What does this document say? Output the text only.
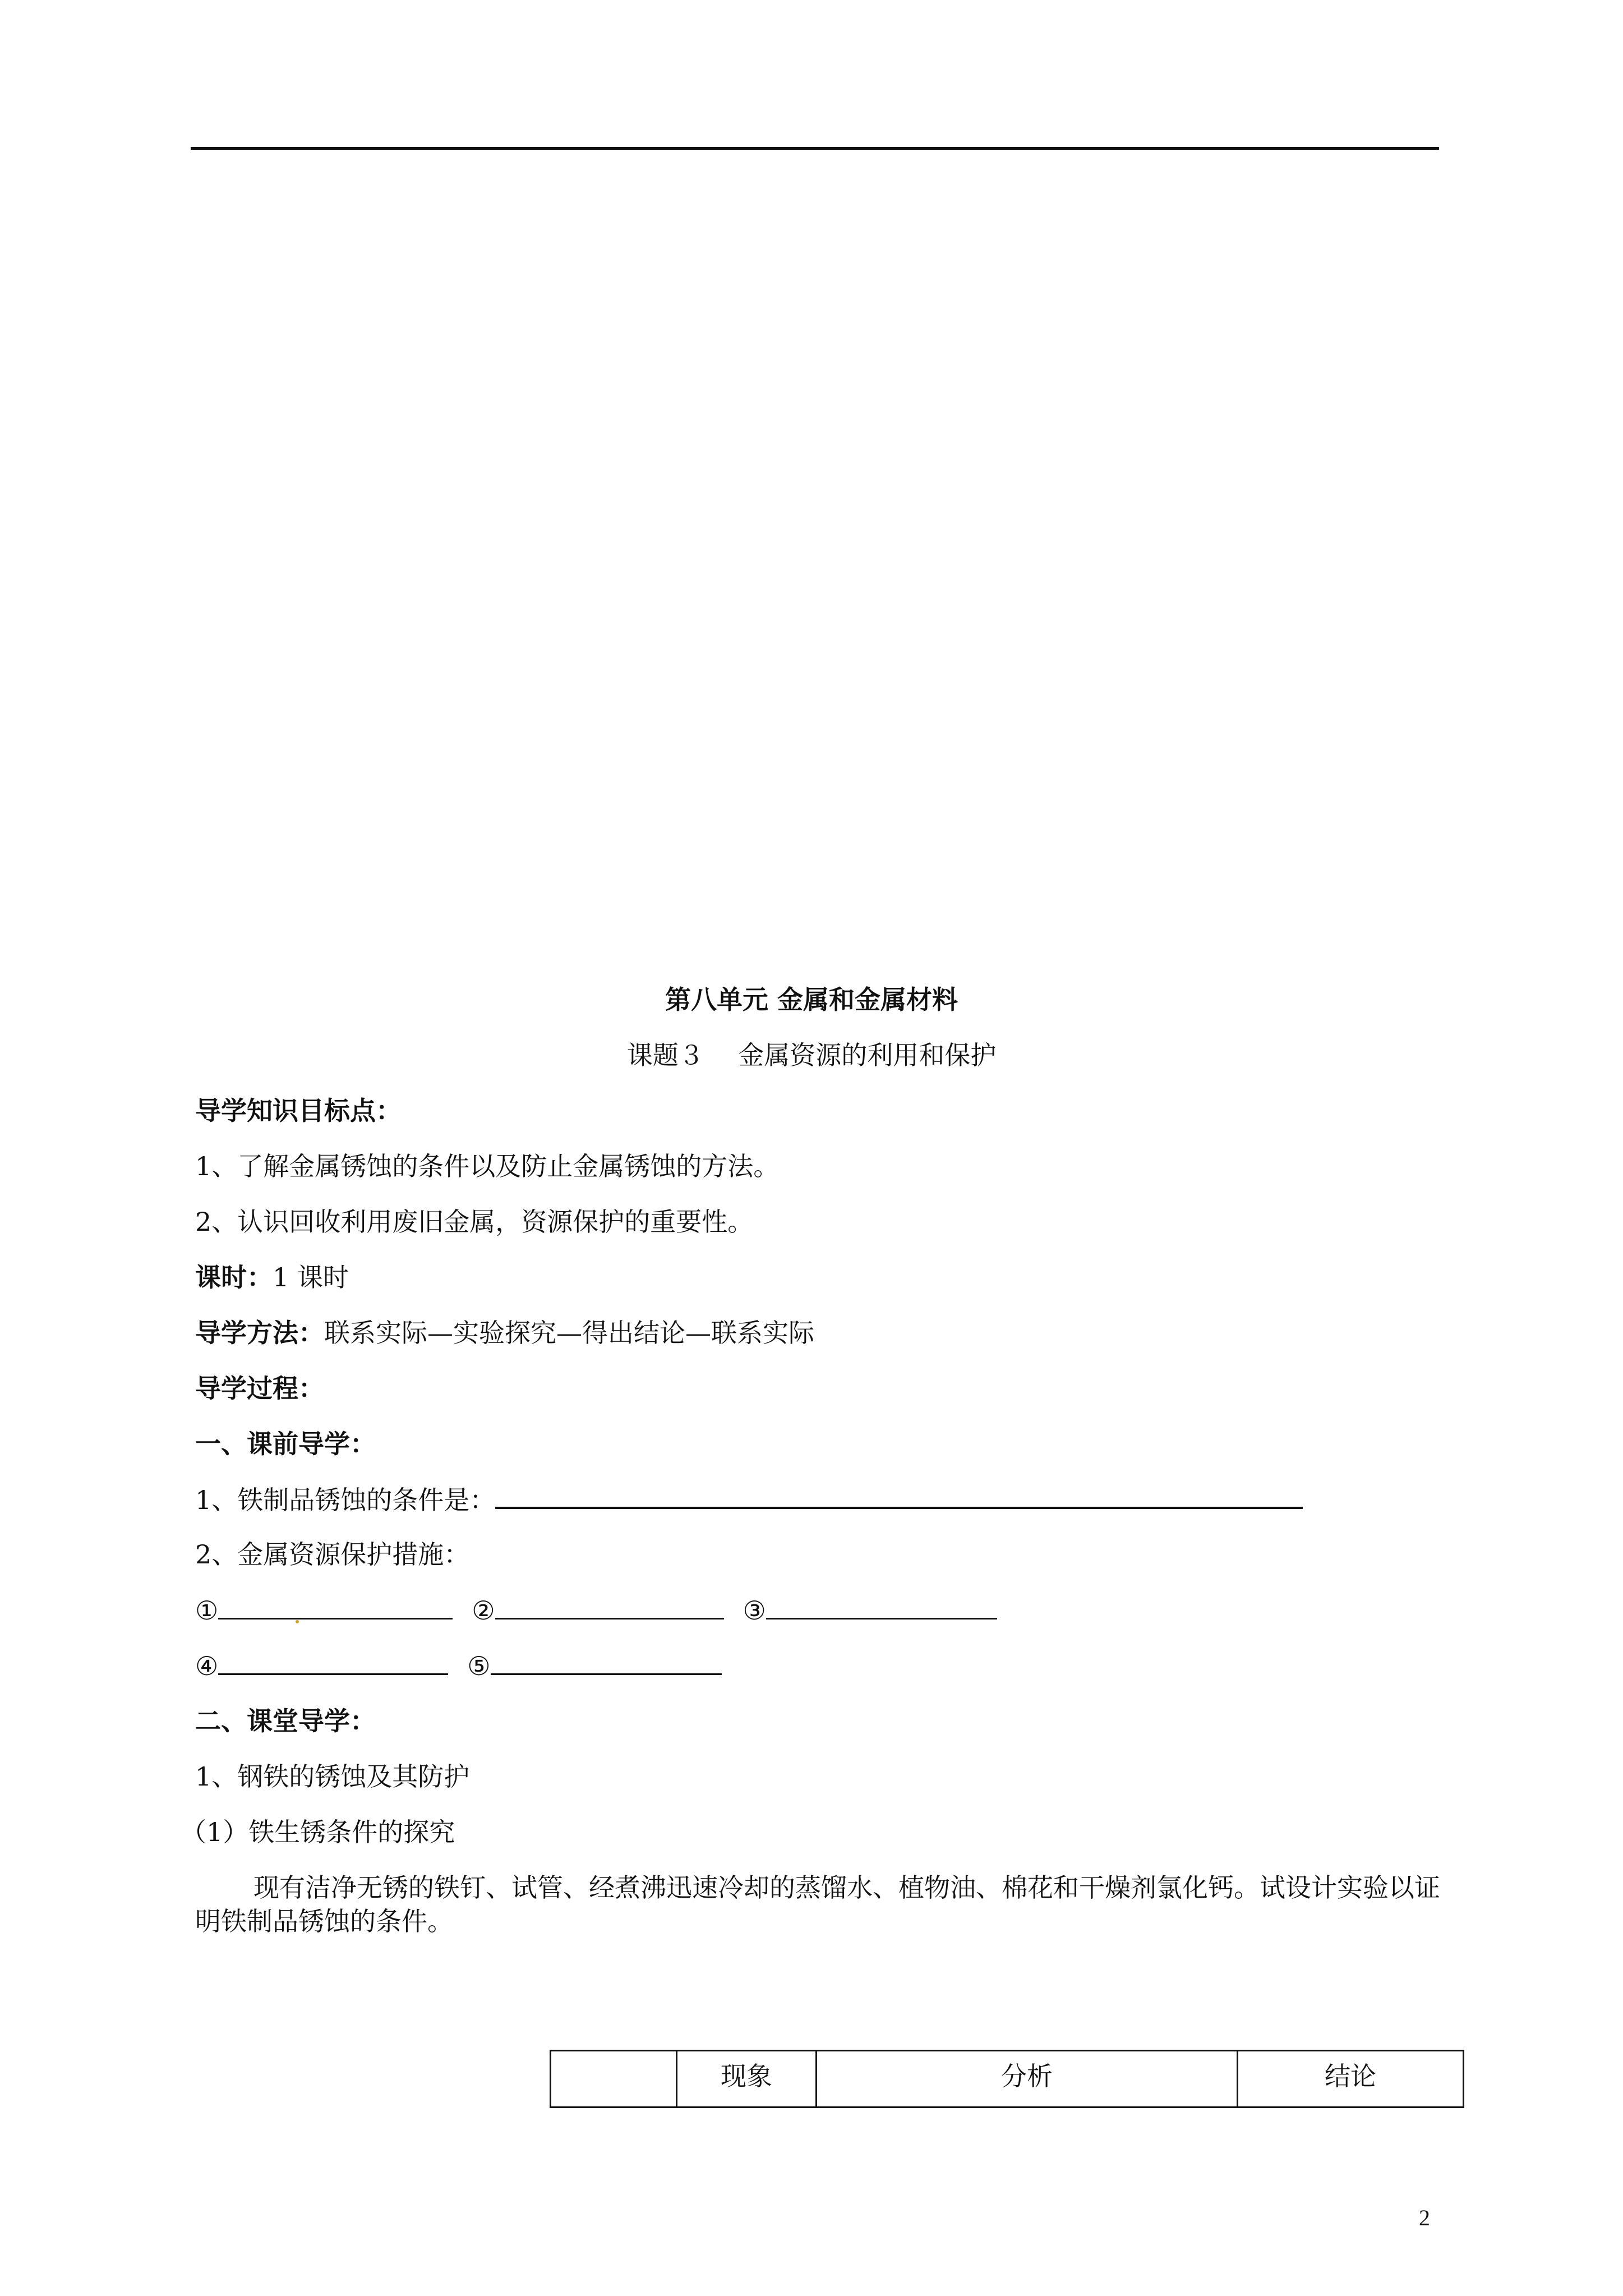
第八单元 金属和金属材料
课题３　 金属资源的利用和保护
导学知识目标点：
1、了解金属锈蚀的条件以及防止金属锈蚀的方法。
2、认识回收利用废旧金属，资源保护的重要性。
课时：1 课时
导学方法：联系实际—实验探究—得出结论—联系实际
导学过程：
一、课前导学：
1、铁制品锈蚀的条件是：
2、金属资源保护措施：
①	②	③
④	⑤
二、课堂导学：
1、钢铁的锈蚀及其防护
（1）铁生锈条件的探究
现有洁净无锈的铁钉、试管、经煮沸迅速冷却的蒸馏水、植物油、棉花和干燥剂氯化钙。试设计实验以证明铁制品锈蚀的条件。
	现象	分析	结论
2
